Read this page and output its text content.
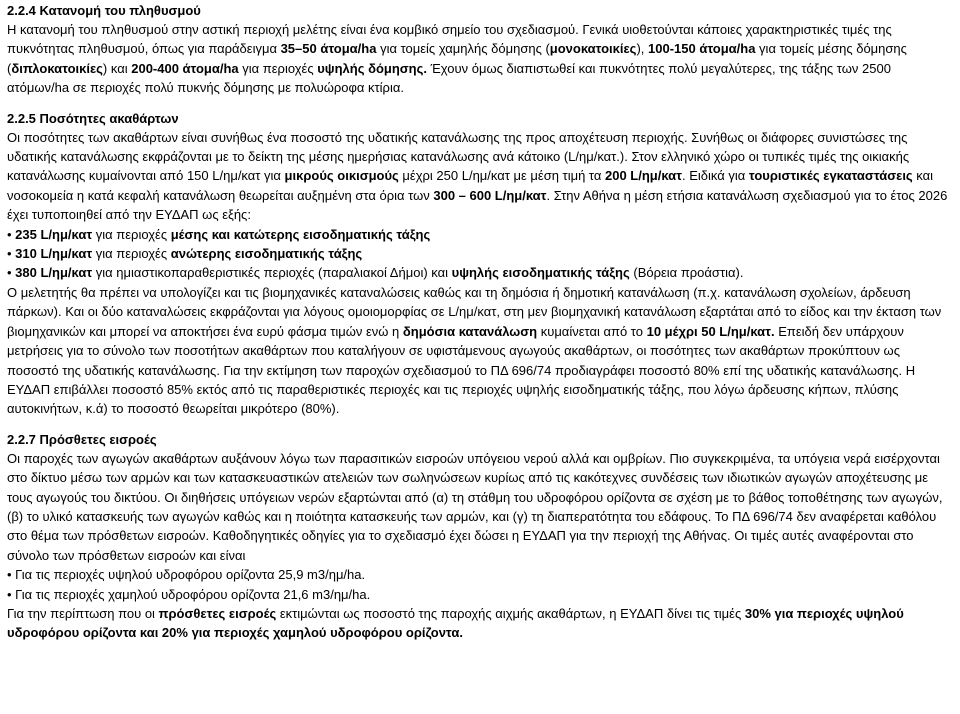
2.2.4 Κατανομή του πληθυσμού

Η κατανομή του πληθυσμού στην αστική περιοχή μελέτης είναι ένα κομβικό σημείο του σχεδιασμού. Γενικά υιοθετούνται κάποιες χαρακτηριστικές τιμές της πυκνότητας πληθυσμού, όπως για παράδειγμα 35–50 άτομα/ha για τομείς χαμηλής δόμησης (μονοκατοικίες), 100-150 άτομα/ha για τομείς μέσης δόμησης (διπλοκατοικίες) και 200-400 άτομα/ha για περιοχές υψηλής δόμησης. Έχουν όμως διαπιστωθεί και πυκνότητες πολύ μεγαλύτερες, της τάξης των 2500 ατόμων/ha σε περιοχές πολύ πυκνής δόμησης με πολυώροφα κτίρια.

2.2.5 Ποσότητες ακαθάρτων

Οι ποσότητες των ακαθάρτων είναι συνήθως ένα ποσοστό της υδατικής κατανάλωσης της προς αποχέτευση περιοχής. Συνήθως οι διάφορες συνιστώσες της υδατικής κατανάλωσης εκφράζονται με το δείκτη της μέσης ημερήσιας κατανάλωσης ανά κάτοικο (L/ημ/κατ.). Στον ελληνικό χώρο οι τυπικές τιμές της οικιακής κατανάλωσης κυμαίνονται από 150 L/ημ/κατ για μικρούς οικισμούς μέχρι 250 L/ημ/κατ με μέση τιμή τα 200 L/ημ/κατ. Ειδικά για τουριστικές εγκαταστάσεις και νοσοκομεία η κατά κεφαλή κατανάλωση θεωρείται αυξημένη στα όρια των 300 – 600 L/ημ/κατ. Στην Αθήνα η μέση ετήσια κατανάλωση σχεδιασμού για το έτος 2026 έχει τυποποιηθεί από την ΕΥΔΑΠ ως εξής:

• 235 L/ημ/κατ για περιοχές μέσης και κατώτερης εισοδηματικής τάξης
• 310 L/ημ/κατ για περιοχές ανώτερης εισοδηματικής τάξης
• 380 L/ημ/κατ για ημιαστικοπαραθεριστικές περιοχές (παραλιακοί Δήμοι) και υψηλής εισοδηματικής τάξης (Βόρεια προάστια).

Ο μελετητής θα πρέπει να υπολογίζει και τις βιομηχανικές καταναλώσεις καθώς και τη δημόσια ή δημοτική κατανάλωση (π.χ. κατανάλωση σχολείων, άρδευση πάρκων). Και οι δύο καταναλώσεις εκφράζονται για λόγους ομοιομορφίας σε L/ημ/κατ, στη μεν βιομηχανική κατανάλωση εξαρτάται από το είδος και την έκταση των βιομηχανικών και μπορεί να αποκτήσει ένα ευρύ φάσμα τιμών ενώ η δημόσια κατανάλωση κυμαίνεται από το 10 μέχρι 50 L/ημ/κατ. Επειδή δεν υπάρχουν μετρήσεις για το σύνολο των ποσοτήτων ακαθάρτων που καταλήγουν σε υφιστάμενους αγωγούς ακαθάρτων, οι ποσότητες των ακαθάρτων προκύπτουν ως ποσοστό της υδατικής κατανάλωσης. Για την εκτίμηση των παροχών σχεδιασμού το ΠΔ 696/74 προδιαγράφει ποσοστό 80% επί της υδατικής κατανάλωσης. Η ΕΥΔΑΠ επιβάλλει ποσοστό 85% εκτός από τις παραθεριστικές περιοχές και τις περιοχές υψηλής εισοδηματικής τάξης, που λόγω άρδευσης κήπων, πλύσης αυτοκινήτων, κ.ά) το ποσοστό θεωρείται μικρότερο (80%).

2.2.7 Πρόσθετες εισροές

Οι παροχές των αγωγών ακαθάρτων αυξάνουν λόγω των παρασιτικών εισροών υπόγειου νερού αλλά και ομβρίων. Πιο συγκεκριμένα, τα υπόγεια νερά εισέρχονται στο δίκτυο μέσω των αρμών και των κατασκευαστικών ατελειών των σωληνώσεων κυρίως από τις κακότεχνες συνδέσεις των ιδιωτικών αγωγών αποχέτευσης με τους αγωγούς του δικτύου. Οι διηθήσεις υπόγειων νερών εξαρτώνται από (α) τη στάθμη του υδροφόρου ορίζοντα σε σχέση με το βάθος τοποθέτησης των αγωγών, (β) το υλικό κατασκευής των αγωγών καθώς και η ποιότητα κατασκευής των αρμών, και (γ) τη διαπερατότητα του εδάφους. Το ΠΔ 696/74 δεν αναφέρεται καθόλου στο θέμα των πρόσθετων εισροών. Καθοδηγητικές οδηγίες για το σχεδιασμό έχει δώσει η ΕΥΔΑΠ για την περιοχή της Αθήνας. Οι τιμές αυτές αναφέρονται στο σύνολο των πρόσθετων εισροών και είναι

• Για τις περιοχές υψηλού υδροφόρου ορίζοντα 25,9 m3/ημ/ha.
• Για τις περιοχές χαμηλού υδροφόρου ορίζοντα 21,6 m3/ημ/ha.

Για την περίπτωση που οι πρόσθετες εισροές εκτιμώνται ως ποσοστό της παροχής αιχμής ακαθάρτων, η ΕΥΔΑΠ δίνει τις τιμές 30% για περιοχές υψηλού υδροφόρου ορίζοντα και 20% για περιοχές χαμηλού υδροφόρου ορίζοντα.
